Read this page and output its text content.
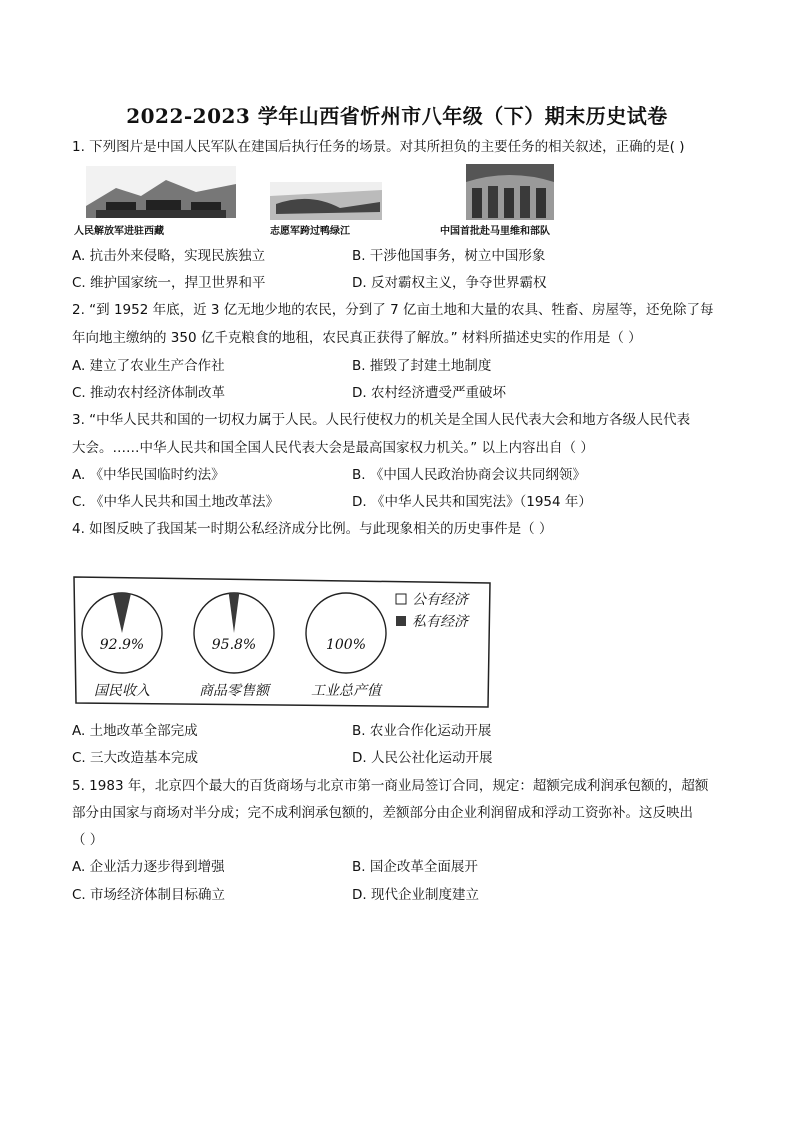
2022-2023 学年山西省忻州市八年级（下）期末历史试卷
1. 下列图片是中国人民军队在建国后执行任务的场景。对其所担负的主要任务的相关叙述，正确的是( )
人民解放军进驻西藏	志愿军跨过鸭绿江	中国首批赴马里维和部队
A. 抗击外来侵略，实现民族独立	B. 干涉他国事务，树立中国形象
C. 维护国家统一，捍卫世界和平	D. 反对霸权主义，争夺世界霸权
2. “到 1952 年底，近 3 亿无地少地的农民，分到了 7 亿亩土地和大量的农具、牲畜、房屋等，还免除了每
年向地主缴纳的 350 亿千克粮食的地租，农民真正获得了解放。” 材料所描述史实的作用是（ ）
A. 建立了农业生产合作社	B. 摧毁了封建土地制度
C. 推动农村经济体制改革	D. 农村经济遭受严重破坏
3. “中华人民共和国的一切权力属于人民。人民行使权力的机关是全国人民代表大会和地方各级人民代表
大会。……中华人民共和国全国人民代表大会是最高国家权力机关。” 以上内容出自（ ）
A. 《中华民国临时约法》	B. 《中国人民政治协商会议共同纲领》
C. 《中华人民共和国土地改革法》	D. 《中华人民共和国宪法》（1954 年）
4. 如图反映了我国某一时期公私经济成分比例。与此现象相关的历史事件是（ ）
92.9%
国民收入
95.8%
商品零售额
100%
工业总产值
公有经济
私有经济
A. 土地改革全部完成	B. 农业合作化运动开展
C. 三大改造基本完成	D. 人民公社化运动开展
5. 1983 年，北京四个最大的百货商场与北京市第一商业局签订合同，规定：超额完成利润承包额的，超额
部分由国家与商场对半分成；完不成利润承包额的，差额部分由企业利润留成和浮动工资弥补。这反映出
（ ）
A. 企业活力逐步得到增强	B. 国企改革全面展开
C. 市场经济体制目标确立	D. 现代企业制度建立
